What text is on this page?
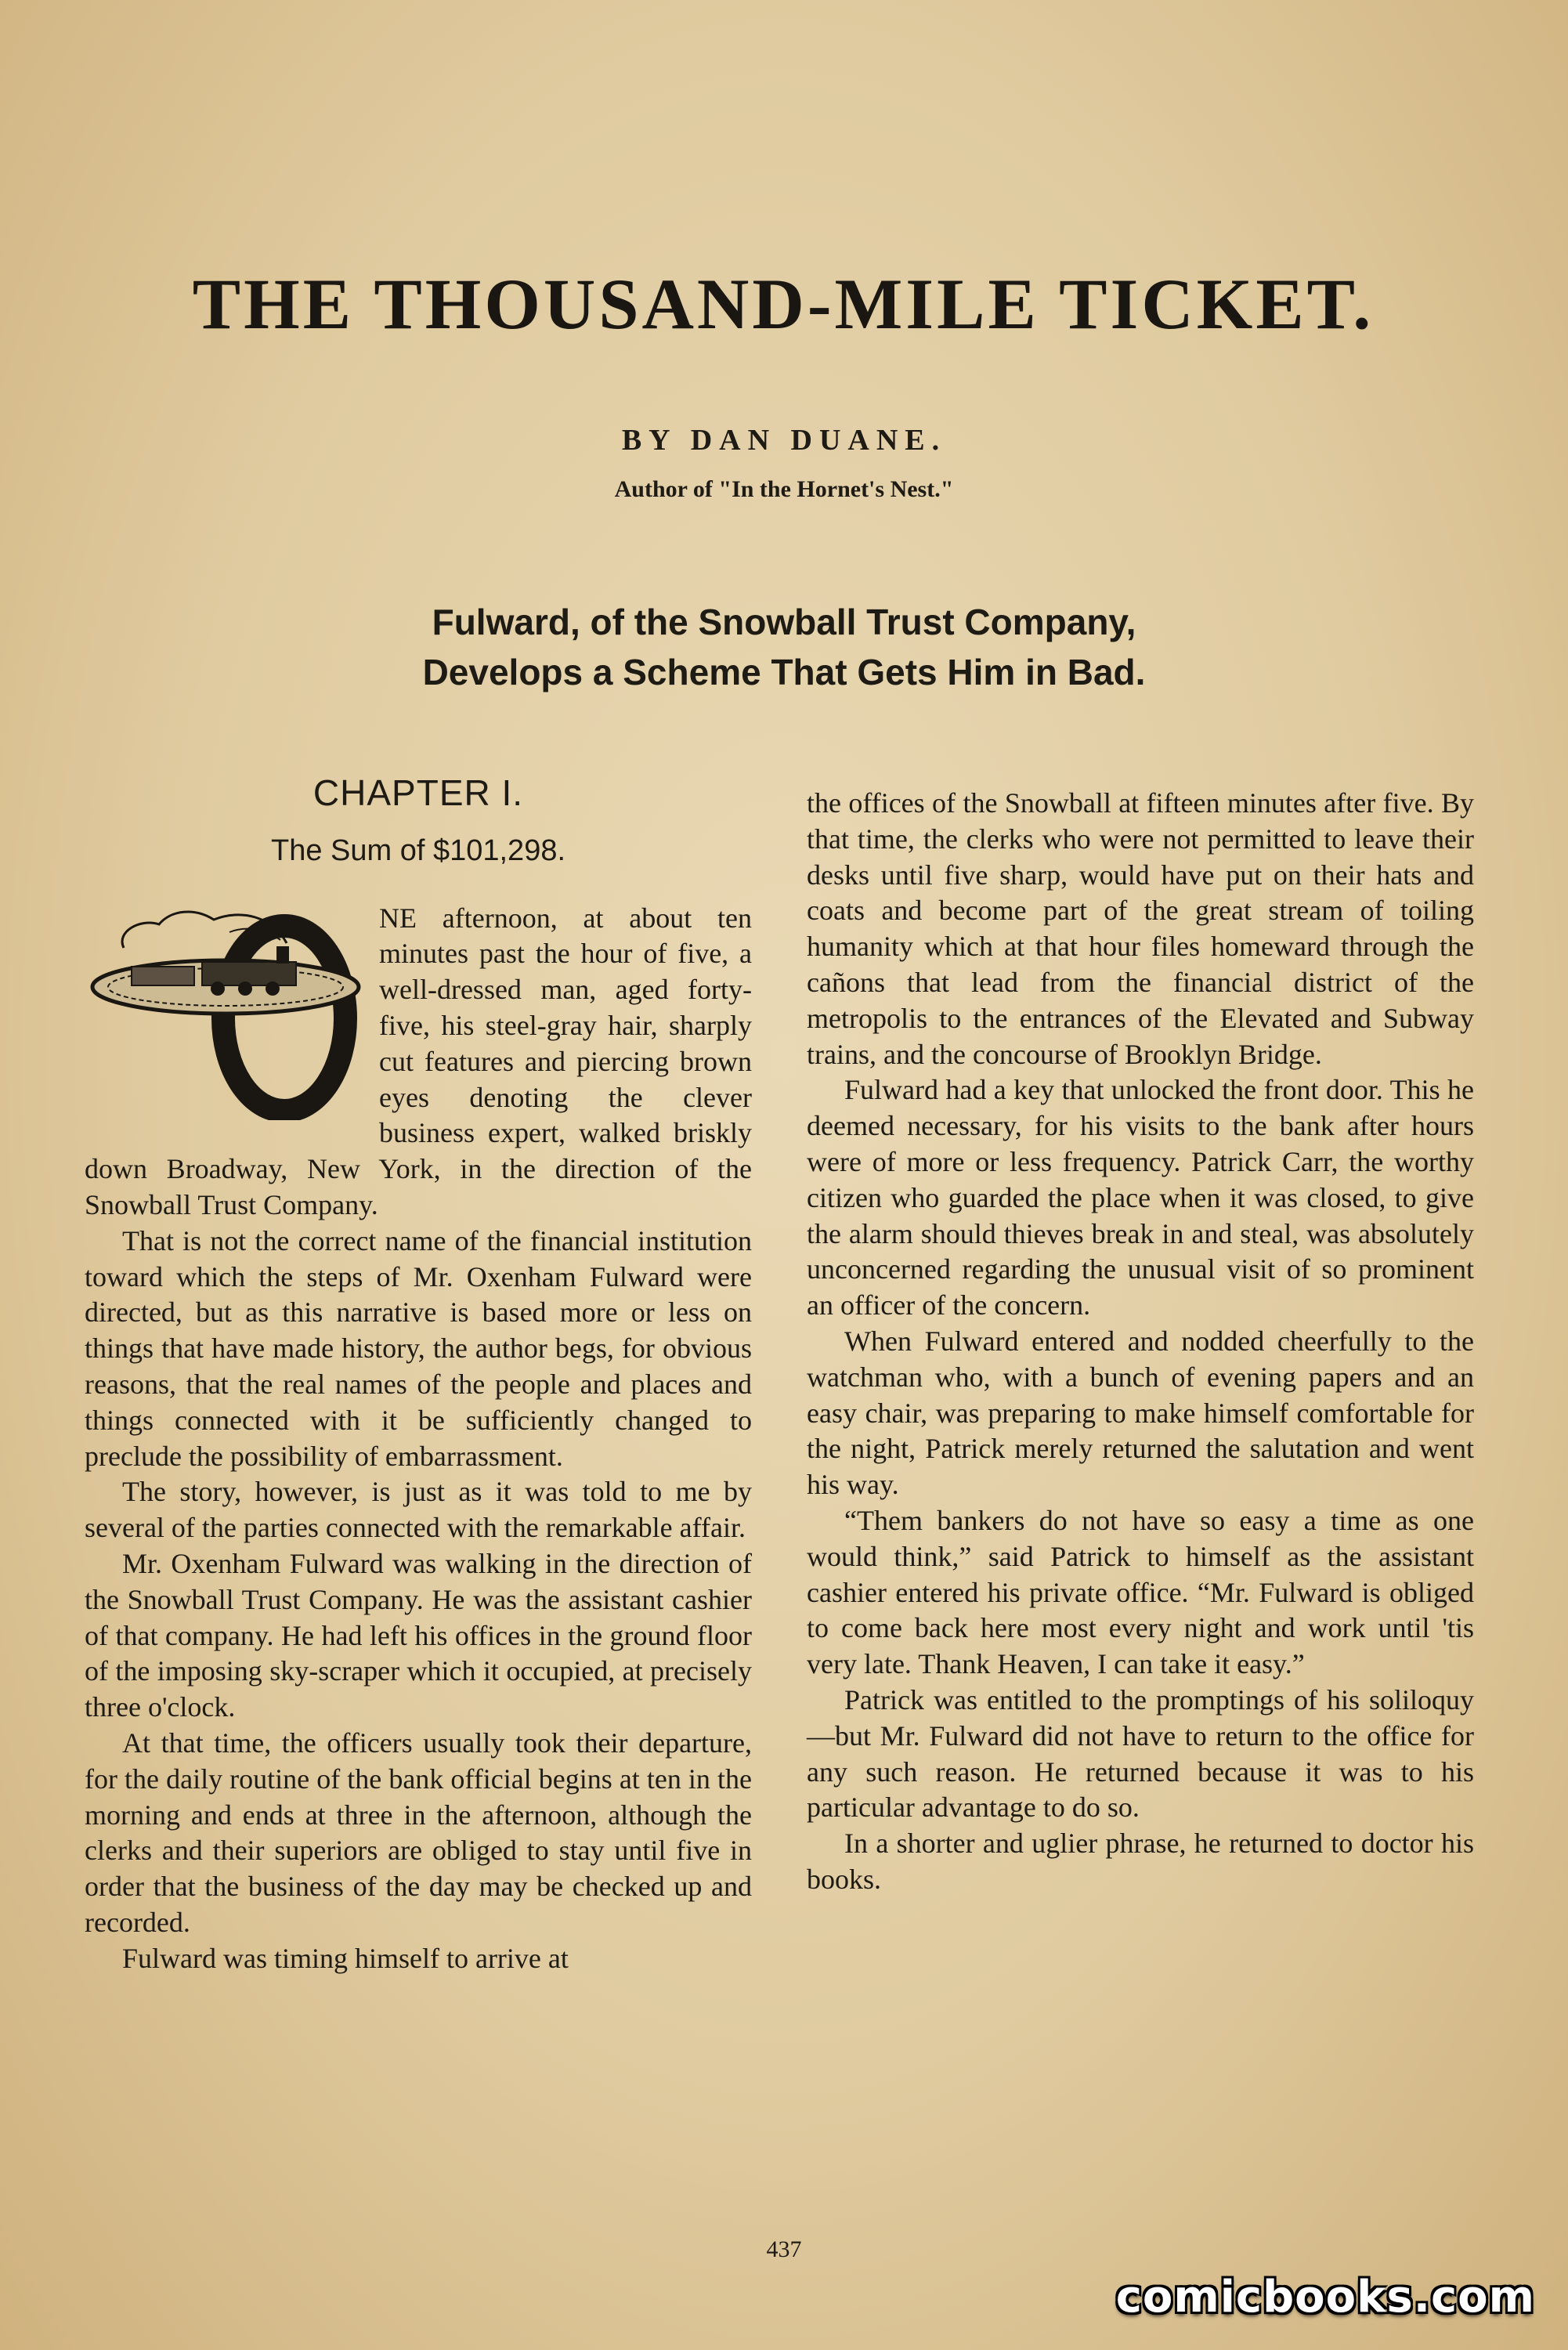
THE THOUSAND-MILE TICKET.
BY DAN DUANE.
Author of "In the Hornet's Nest."
Fulward, of the Snowball Trust Company,
Develops a Scheme That Gets Him in Bad.
CHAPTER I.
The Sum of $101,298.

NE afternoon, at about ten minutes past the hour of five, a well-dressed man, aged forty-five, his steel-gray hair, sharply cut features and piercing brown eyes denoting the clever business expert, walked briskly down Broadway, New York, in the direction of the Snowball Trust Company.

That is not the correct name of the financial institution toward which the steps of Mr. Oxenham Fulward were directed, but as this narrative is based more or less on things that have made history, the author begs, for obvious reasons, that the real names of the people and places and things connected with it be sufficiently changed to preclude the possibility of embarrassment.

The story, however, is just as it was told to me by several of the parties connected with the remarkable affair.

Mr. Oxenham Fulward was walking in the direction of the Snowball Trust Company. He was the assistant cashier of that company. He had left his offices in the ground floor of the imposing sky-scraper which it occupied, at precisely three o'clock.

At that time, the officers usually took their departure, for the daily routine of the bank official begins at ten in the morning and ends at three in the afternoon, although the clerks and their superiors are obliged to stay until five in order that the business of the day may be checked up and recorded.

Fulward was timing himself to arrive at

the offices of the Snowball at fifteen minutes after five. By that time, the clerks who were not permitted to leave their desks until five sharp, would have put on their hats and coats and become part of the great stream of toiling humanity which at that hour files homeward through the cañons that lead from the financial district of the metropolis to the entrances of the Elevated and Subway trains, and the concourse of Brooklyn Bridge.

Fulward had a key that unlocked the front door. This he deemed necessary, for his visits to the bank after hours were of more or less frequency. Patrick Carr, the worthy citizen who guarded the place when it was closed, to give the alarm should thieves break in and steal, was absolutely unconcerned regarding the unusual visit of so prominent an officer of the concern.

When Fulward entered and nodded cheerfully to the watchman who, with a bunch of evening papers and an easy chair, was preparing to make himself comfortable for the night, Patrick merely returned the salutation and went his way.

“Them bankers do not have so easy a time as one would think,” said Patrick to himself as the assistant cashier entered his private office. “Mr. Fulward is obliged to come back here most every night and work until 'tis very late. Thank Heaven, I can take it easy.”

Patrick was entitled to the promptings of his soliloquy—but Mr. Fulward did not have to return to the office for any such reason. He returned because it was to his particular advantage to do so.

In a shorter and uglier phrase, he returned to doctor his books.

437
comicbooks.com
